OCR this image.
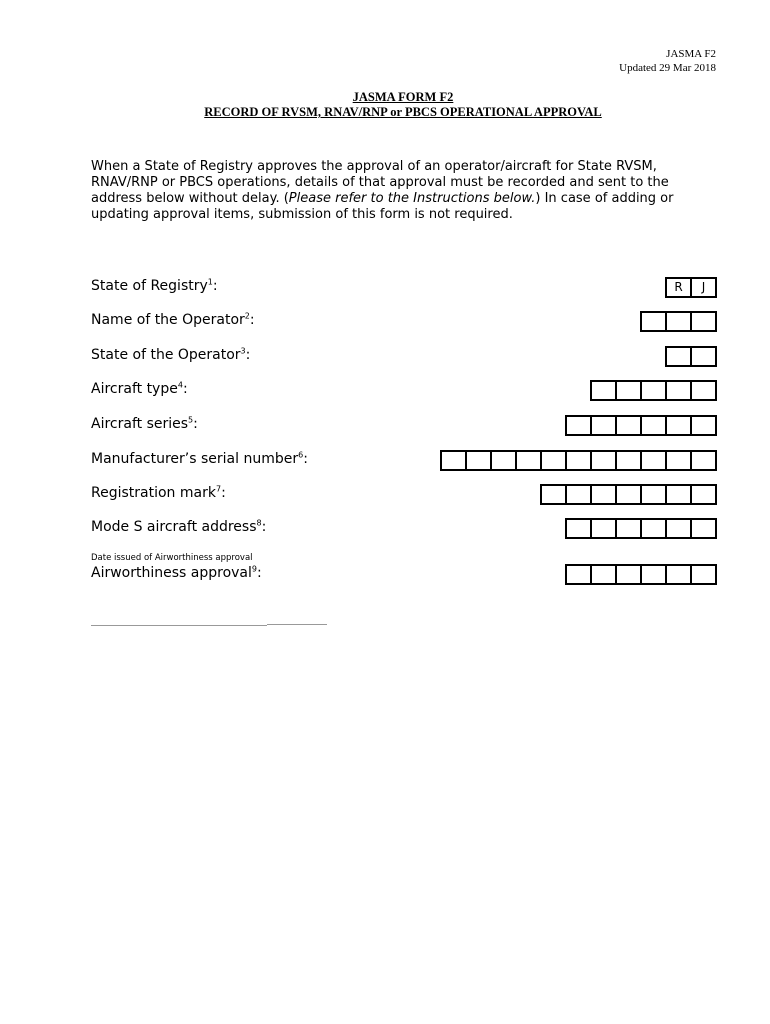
JASMA F2
Updated 29 Mar 2018
JASMA FORM F2
RECORD OF RVSM, RNAV/RNP or PBCS OPERATIONAL APPROVAL
When a State of Registry approves the approval of an operator/aircraft for State RVSM, RNAV/RNP or PBCS operations, details of that approval must be recorded and sent to the address below without delay. (Please refer to the Instructions below.) In case of adding or updating approval items, submission of this form is not required.
State of Registry$^1$:	R	J
Name of the Operator$^2$:
State of the Operator$^3$:
Aircraft type$^4$:
Aircraft series$^5$:
Manufacturer’s serial number$^6$:
Registration mark$^7$:
Mode S aircraft address$^8$:
Date issued of Airworthiness approval
Airworthiness approval$^9$:
